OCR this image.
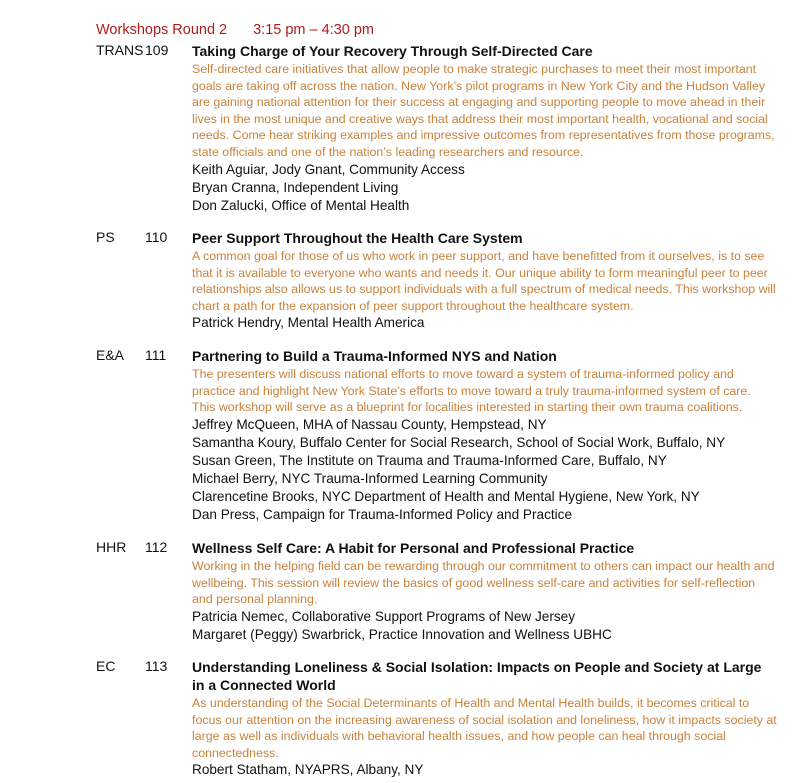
Workshops Round 2 3:15 pm – 4:30 pm
TRANS 109 Taking Charge of Your Recovery Through Self-Directed Care
Self-directed care initiatives that allow people to make strategic purchases to meet their most important goals are taking off across the nation. New York’s pilot programs in New York City and the Hudson Valley are gaining national attention for their success at engaging and supporting people to move ahead in their lives in the most unique and creative ways that address their most important health, vocational and social needs. Come hear striking examples and impressive outcomes from representatives from those programs, state officials and one of the nation’s leading researchers and resource.
Keith Aguiar, Jody Gnant, Community Access
Bryan Cranna, Independent Living
Don Zalucki, Office of Mental Health
PS 110 Peer Support Throughout the Health Care System
A common goal for those of us who work in peer support, and have benefitted from it ourselves, is to see that it is available to everyone who wants and needs it. Our unique ability to form meaningful peer to peer relationships also allows us to support individuals with a full spectrum of medical needs. This workshop will chart a path for the expansion of peer support throughout the healthcare system.
Patrick Hendry, Mental Health America
E&A 111 Partnering to Build a Trauma-Informed NYS and Nation
The presenters will discuss national efforts to move toward a system of trauma-informed policy and practice and highlight New York State’s efforts to move toward a truly trauma-informed system of care. This workshop will serve as a blueprint for localities interested in starting their own trauma coalitions.
Jeffrey McQueen, MHA of Nassau County, Hempstead, NY
Samantha Koury, Buffalo Center for Social Research, School of Social Work, Buffalo, NY
Susan Green, The Institute on Trauma and Trauma-Informed Care, Buffalo, NY
Michael Berry, NYC Trauma-Informed Learning Community
Clarencetine Brooks, NYC Department of Health and Mental Hygiene, New York, NY
Dan Press, Campaign for Trauma-Informed Policy and Practice
HHR 112 Wellness Self Care: A Habit for Personal and Professional Practice
Working in the helping field can be rewarding through our commitment to others can impact our health and wellbeing. This session will review the basics of good wellness self-care and activities for self-reflection and personal planning.
Patricia Nemec, Collaborative Support Programs of New Jersey
Margaret (Peggy) Swarbrick, Practice Innovation and Wellness UBHC
EC 113 Understanding Loneliness & Social Isolation: Impacts on People and Society at Large in a Connected World
As understanding of the Social Determinants of Health and Mental Health builds, it becomes critical to focus our attention on the increasing awareness of social isolation and loneliness, how it impacts society at large as well as individuals with behavioral health issues, and how people can heal through social connectedness.
Robert Statham, NYAPRS, Albany, NY
